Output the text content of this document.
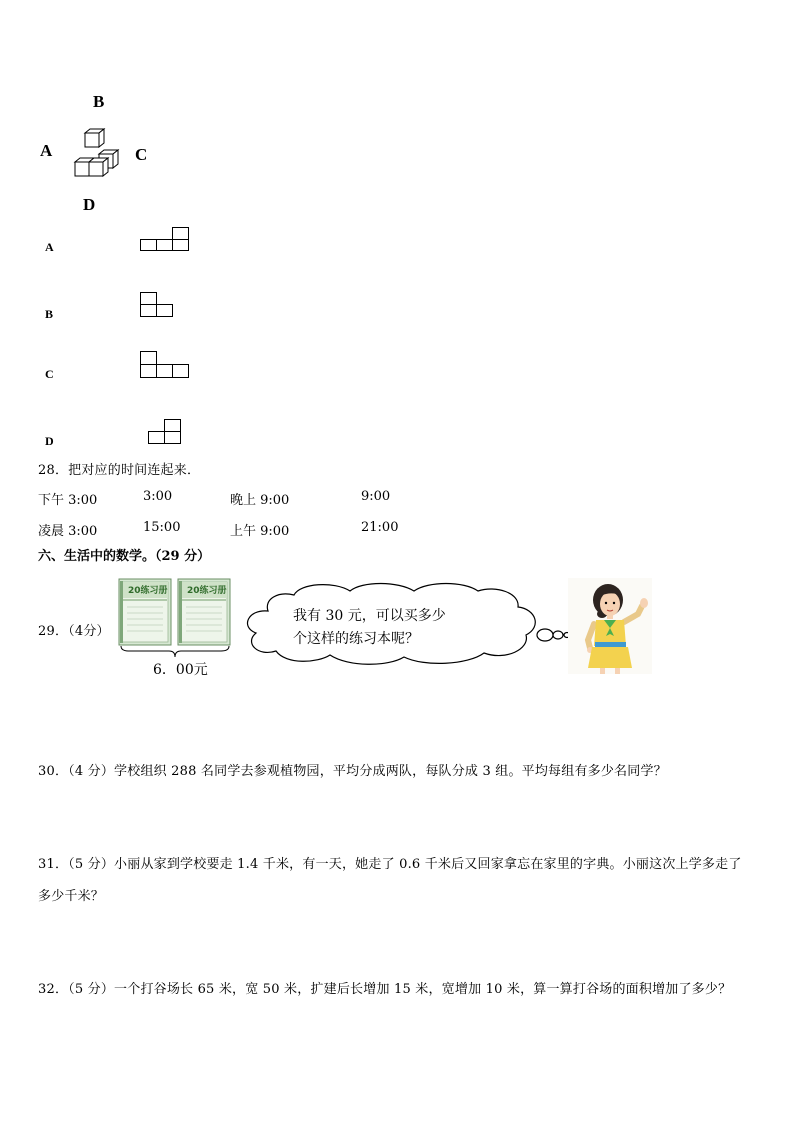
B
A	C
D
A
B
C
D
28．把对应的时间连起来．
下午 3:00	3:00	晚上 9:00	9:00
凌晨 3:00	15:00	上午 9:00	21:00
六、生活中的数学。（29 分）
29．（4分）
20练习册 20练习册
6．00元
我有 30 元，可以买多少
个这样的练习本呢？
30．（4 分）学校组织 288 名同学去参观植物园，平均分成两队，每队分成 3 组。平均每组有多少名同学？
31．（5 分）小丽从家到学校要走 1.4 千米，有一天，她走了 0.6 千米后又回家拿忘在家里的字典。小丽这次上学多走了
多少千米？
32．（5 分）一个打谷场长 65 米，宽 50 米，扩建后长增加 15 米，宽增加 10 米，算一算打谷场的面积增加了多少？
